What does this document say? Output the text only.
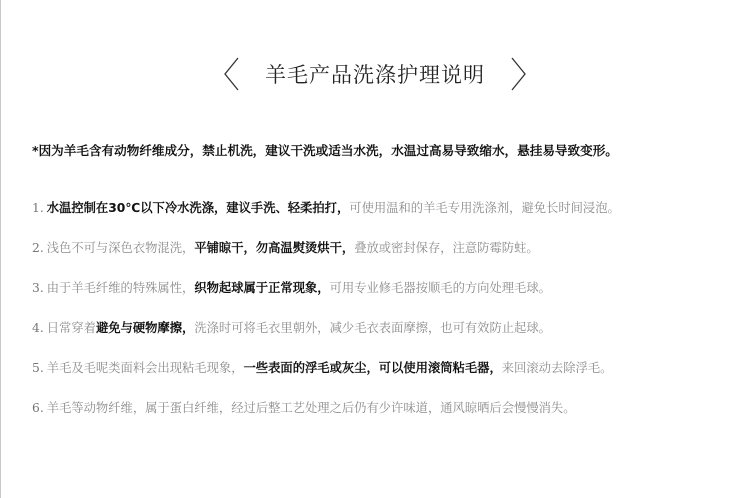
羊毛产品洗涤护理说明
*因为羊毛含有动物纤维成分，禁止机洗，建议干洗或适当水洗，水温过高易导致缩水，悬挂易导致变形。
1. 水温控制在30℃以下冷水洗涤，建议手洗、轻柔拍打，可使用温和的羊毛专用洗涤剂，避免长时间浸泡。
2. 浅色不可与深色衣物混洗，平铺晾干，勿高温熨烫烘干，叠放或密封保存，注意防霉防蛀。
3. 由于羊毛纤维的特殊属性，织物起球属于正常现象，可用专业修毛器按顺毛的方向处理毛球。
4. 日常穿着避免与硬物摩擦，洗涤时可将毛衣里朝外，减少毛衣表面摩擦，也可有效防止起球。
5. 羊毛及毛呢类面料会出现粘毛现象，一些表面的浮毛或灰尘，可以使用滚筒粘毛器，来回滚动去除浮毛。
6. 羊毛等动物纤维，属于蛋白纤维，经过后整工艺处理之后仍有少许味道，通风晾晒后会慢慢消失。
